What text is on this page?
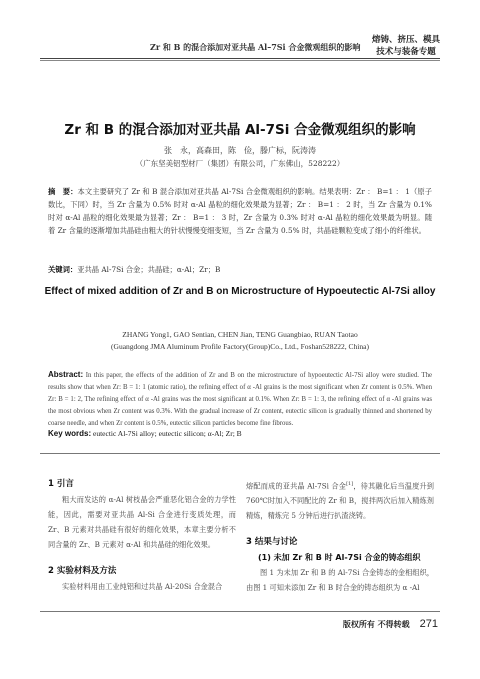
Zr 和 B 的混合添加对亚共晶 Al–7Si 合金微观组织的影响
熔铸、挤压、模具
技术与装备专题
Zr 和 B 的混合添加对亚共晶 Al-7Si 合金微观组织的影响
张　永，高森田，陈　俭，滕广标，阮涛涛
（广东坚美铝型材厂（集团）有限公司，广东佛山，528222）
摘　要：本文主要研究了 Zr 和 B 混合添加对亚共晶 Al-7Si 合金微观组织的影响。结果表明：Zr ： B=1 ： 1（原子数比，下同）时，当 Zr 含量为 0.5% 时对 α-Al 晶粒的细化效果最为显著；Zr ： B=1 ： 2 时，当 Zr 含量为 0.1% 时对 α-Al 晶粒的细化效果最为显著；Zr ： B=1 ： 3 时，Zr 含量为 0.3% 时对 α-Al 晶粒的细化效果最为明显。随着 Zr 含量的逐渐增加共晶硅由粗大的针状慢慢变细变短，当 Zr 含量为 0.5% 时，共晶硅颗粒变成了细小的纤维状。
关键词：亚共晶 Al-7Si 合金；共晶硅；α-Al；Zr；B
Effect of mixed addition of Zr and B on Microstructure of Hypoeutectic Al-7Si alloy
ZHANG Yong1, GAO Sentian, CHEN Jian, TENG Guangbiao, RUAN Taotao
(Guangdong JMA Aluminum Profile Factory(Group)Co., Ltd., Foshan528222, China)
Abstract: In this paper, the effects of the addition of Zr and B on the microstructure of hypoeutectic Al-7Si alloy were studied. The results show that when Zr: B = 1: 1 (atomic ratio), the refining effect of α -Al grains is the most significant when Zr content is 0.5%. When Zr: B = 1: 2, The refining effect of α -Al grains was the most significant at 0.1%. When Zr: B = 1: 3, the refining effect of α -Al grains was the most obvious when Zr content was 0.3%. With the gradual increase of Zr content, eutectic silicon is gradually thinned and shortened by coarse needle, and when Zr content is 0.5%, eutectic silicon particles become fine fibrous.
Key words: eutectic Al-7Si alloy; eutectic silicon; α-Al; Zr; B

1 引言

粗大而发达的 α-Al 树枝晶会严重恶化铝合金的力学性能，因此，需要对亚共晶 Al-Si 合金进行变质处理，而 Zr、B 元素对共晶硅有很好的细化效果，本章主要分析不同含量的 Zr、B 元素对 α-Al 和共晶硅的细化效果。

2 实验材料及方法

实验材料用由工业纯铝和过共晶 Al-20Si 合金混合

熔配而成的亚共晶 Al-7Si 合金[1]，待其融化后当温度升到 760℃时加入不同配比的 Zr 和 B，搅拌两次后加入精炼剂精炼，精炼完 5 分钟后进行扒渣浇铸。

3 结果与讨论

(1) 未加 Zr 和 B 时 Al-7Si 合金的铸态组织

图 1 为未加 Zr 和 B 的 Al-7Si 合金铸态的金相组织，由图 1 可知未添加 Zr 和 B 时合金的铸态组织为 α -Al

版权所有 不得转载 271
